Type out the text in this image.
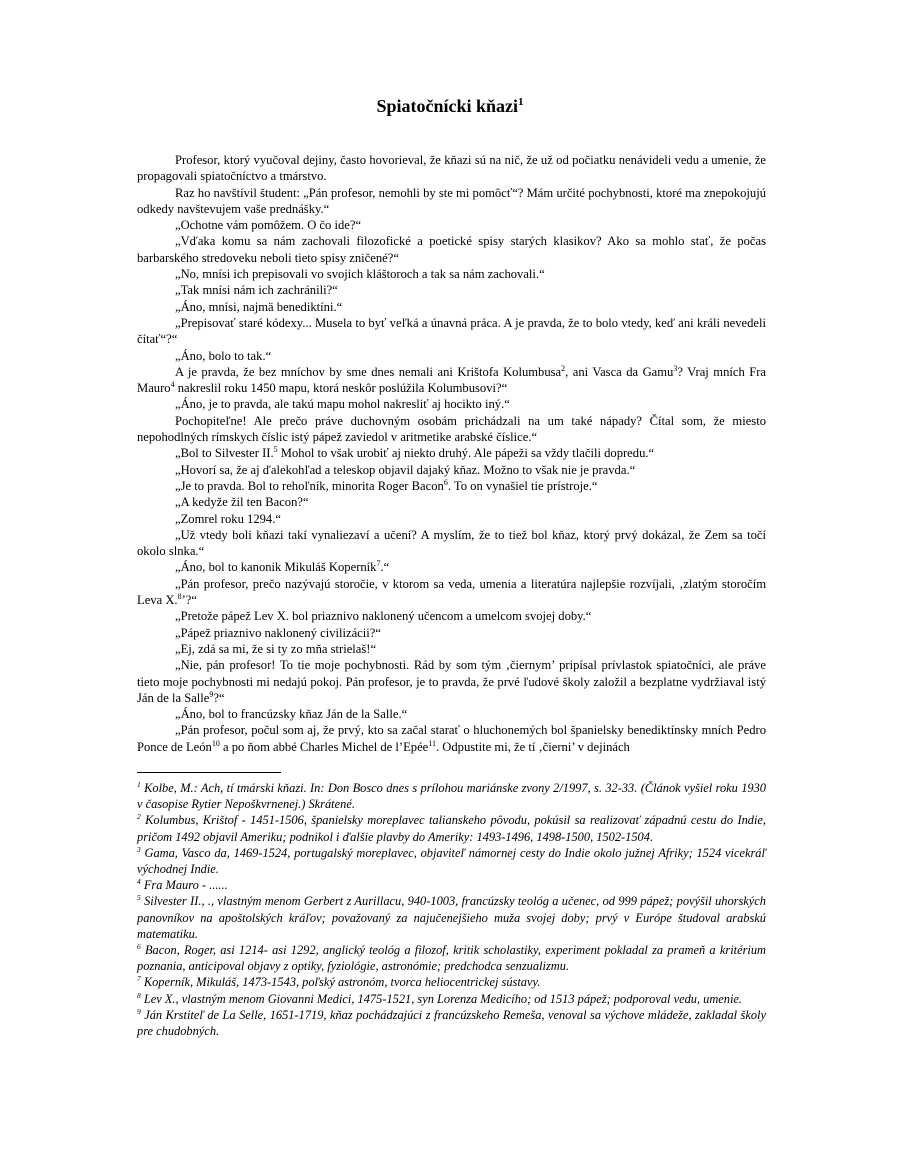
Spiatočnícki kňazi$^1$

Profesor, ktorý vyučoval dejiny, často hovorieval, že kňazi sú na nič, že už od počiatku nenávideli vedu a umenie, že propagovali spiatočníctvo a tmárstvo.

Raz ho navštívil študent: „Pán profesor, nemohli by ste mi pomôcť“? Mám určité pochybnosti, ktoré ma znepokojujú odkedy navštevujem vaše prednášky.“

„Ochotne vám pomôžem. O čo ide?“

„Vďaka komu sa nám zachovali filozofické a poetické spisy starých klasikov? Ako sa mohlo stať, že počas barbarského stredoveku neboli tieto spisy zničené?“

„No, mnísi ich prepisovali vo svojich kláštoroch a tak sa nám zachovali.“

„Tak mnísi nám ich zachránili?“

„Áno, mnísi, najmä benediktíni.“

„Prepisovať staré kódexy... Musela to byť veľká a únavná práca. A je pravda, že to bolo vtedy, keď ani králi nevedeli čítať“?“

„Áno, bolo to tak.“

A je pravda, že bez mníchov by sme dnes nemali ani Krištofa Kolumbusa$^2$, ani Vasca da Gamu$^3$? Vraj mních Fra Mauro$^4$ nakreslil roku 1450 mapu, ktorá neskôr poslúžila Kolumbusovi?“

„Áno, je to pravda, ale takú mapu mohol nakresliť aj hocikto iný.“

Pochopiteľne! Ale prečo práve duchovným osobám prichádzali na um také nápady? Čítal som, že miesto nepohodlných rímskych číslic istý pápež zaviedol v aritmetike arabské číslice.“

„Bol to Silvester II.$^5$ Mohol to však urobiť aj niekto druhý. Ale pápeži sa vždy tlačili dopredu.“

„Hovorí sa, že aj ďalekohľad a teleskop objavil dajaký kňaz. Možno to však nie je pravda.“

„Je to pravda. Bol to rehoľník, minorita Roger Bacon$^6$. To on vynašiel tie prístroje.“

„A kedyže žil ten Bacon?“

„Zomrel roku 1294.“

„Už vtedy boli kňazi takí vynaliezaví a učení? A myslím, že to tiež bol kňaz, ktorý prvý dokázal, že Zem sa točí okolo slnka.“

„Áno, bol to kanonik Mikuláš Koperník$^7$.“

„Pán profesor, prečo nazývajú storočie, v ktorom sa veda, umenia a literatúra najlepšie rozvíjali, ‚zlatým storočím Leva X.$^8$’?“

„Pretože pápež Lev X. bol priaznivo naklonený učencom a umelcom svojej doby.“

„Pápež priaznivo naklonený civilizácii?“

„Ej, zdá sa mi, že si ty zo mňa strielaš!“

„Nie, pán profesor! To tie moje pochybnosti. Rád by som tým ‚čiernym’ pripísal prívlastok spiatočníci, ale práve tieto moje pochybnosti mi nedajú pokoj. Pán profesor, je to pravda, že prvé ľudové školy založil a bezplatne vydržiaval istý Ján de la Salle$^9$?“

„Áno, bol to francúzsky kňaz Ján de la Salle.“

„Pán profesor, počul som aj, že prvý, kto sa začal starať o hluchonemých bol španielsky benediktínsky mních Pedro Ponce de León$^{10}$ a po ňom abbé Charles Michel de l’Epée$^{11}$. Odpustite mi, že tí ‚čierni’ v dejinách

$^1$ Kolbe, M.: Ach, tí tmárski kňazi. In: Don Bosco dnes s prílohou mariánske zvony 2/1997, s. 32-33. (Článok vyšiel roku 1930 v časopise Rytier Nepoškvrnenej.) Skrátené.
$^2$ Kolumbus, Krištof - 1451-1506, španielsky moreplavec talianskeho pôvodu, pokúsil sa realizovať západnú cestu do Indie, pričom 1492 objavil Ameriku; podnikol i ďalšie plavby do Ameriky: 1493-1496, 1498-1500, 1502-1504.
$^3$ Gama, Vasco da, 1469-1524, portugalský moreplavec, objaviteľ námornej cesty do Indie okolo južnej Afriky; 1524 vicekráľ východnej Indie.
$^4$ Fra Mauro - ......
$^5$ Silvester II., ., vlastným menom Gerbert z Aurillacu, 940-1003, francúzsky teológ a učenec, od 999 pápež; povýšil uhorských panovníkov na apoštolských kráľov; považovaný za najučenejšieho muža svojej doby; prvý v Európe študoval arabskú matematiku.
$^6$ Bacon, Roger, asi 1214- asi 1292, anglický teológ a filozof, kritik scholastiky, experiment pokladal za prameň a kritérium poznania, anticipoval objavy z optiky, fyziológie, astronómie; predchodca senzualizmu.
$^7$ Koperník, Mikuláš, 1473-1543, poľský astronóm, tvorca heliocentrickej sústavy.
$^8$ Lev X., vlastným menom Giovanni Medici, 1475-1521, syn Lorenza Medicího; od 1513 pápež; podporoval vedu, umenie.
$^9$ Ján Krstiteľ de La Selle, 1651-1719, kňaz pochádzajúci z francúzskeho Remeša, venoval sa výchove mládeže, zakladal školy pre chudobných.
